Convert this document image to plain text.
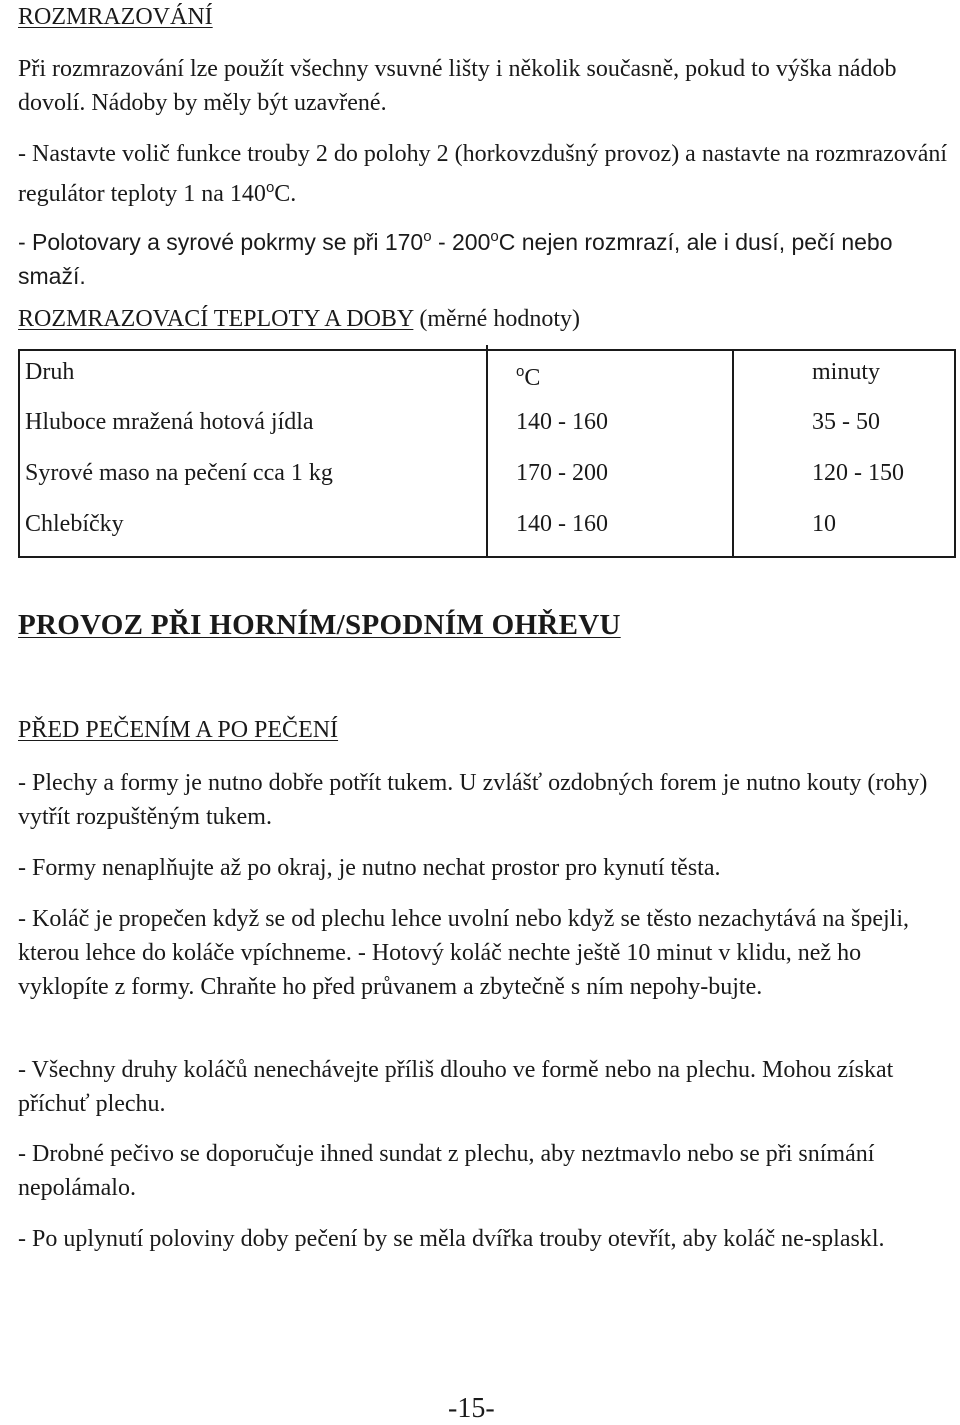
ROZMRAZOVÁNÍ

Při rozmrazování lze použít všechny vsuvné lišty i několik současně, pokud to výška nádob dovolí. Nádoby by měly být uzavřené.

- Nastavte volič funkce trouby 2 do polohy 2 (horkovzdušný provoz) a nastavte na rozmrazování regulátor teploty 1 na 140$^o$C.

- Polotovary a syrové pokrmy se při 170$^o$ - 200$^o$C nejen rozmrazí, ale i dusí, pečí nebo smaží.

ROZMRAZOVACÍ TEPLOTY A DOBY (měrné hodnoty)
Druh	$^o$C	minuty
Hluboce mražená hotová jídla	140 - 160	35 - 50
Syrové maso na pečení cca 1 kg	170 - 200	120 - 150
Chlebíčky	140 - 160	10
PROVOZ PŘI HORNÍM/SPODNÍM OHŘEVU
PŘED PEČENÍM A PO PEČENÍ

- Plechy a formy je nutno dobře potřít tukem. U zvlášť ozdobných forem je nutno kouty (rohy) vytřít rozpuštěným tukem.

- Formy nenaplňujte až po okraj, je nutno nechat prostor pro kynutí těsta.

- Koláč je propečen když se od plechu lehce uvolní nebo když se těsto nezachytává na špejli, kterou lehce do koláče vpíchneme. - Hotový koláč nechte ještě 10 minut v klidu, než ho vyklopíte z formy. Chraňte ho před průvanem a zbytečně s ním nepohy-bujte.

- Všechny druhy koláčů nenechávejte příliš dlouho ve formě nebo na plechu. Mohou získat příchuť plechu.

- Drobné pečivo se doporučuje ihned sundat z plechu, aby neztmavlo nebo se při snímání nepolámalo.

- Po uplynutí poloviny doby pečení by se měla dvířka trouby otevřít, aby koláč ne-splaskl.

-15-
